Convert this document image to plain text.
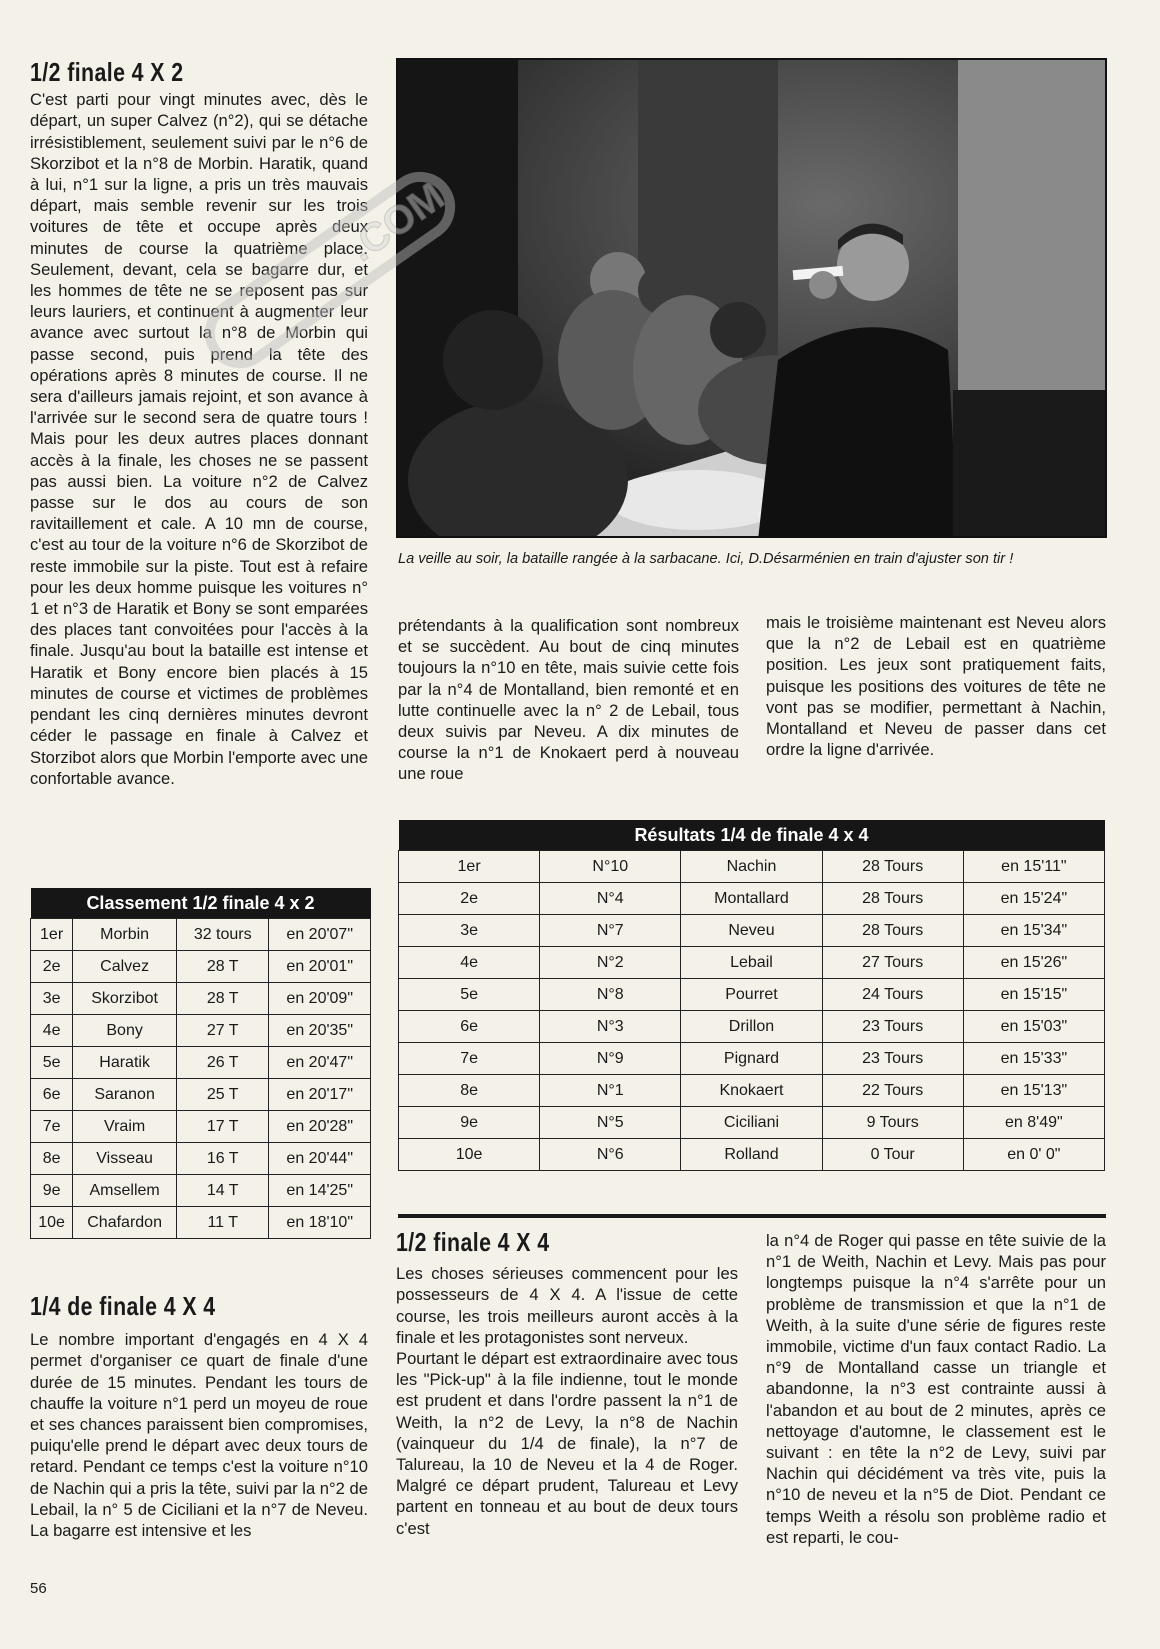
1/2 finale 4 X 2

C'est parti pour vingt minutes avec, dès le départ, un super Calvez (n°2), qui se détache irrésistiblement, seulement suivi par le n°6 de Skorzibot et la n°8 de Morbin. Haratik, quand à lui, n°1 sur la ligne, a pris un très mauvais départ, mais semble revenir sur les trois voitures de tête et occupe après deux minutes de course la quatrième place. Seulement, devant, cela se bagarre dur, et les hommes de tête ne se reposent pas sur leurs lauriers, et continuent à augmenter leur avance avec surtout la n°8 de Morbin qui passe second, puis prend la tête des opérations après 8 minutes de course. Il ne sera d'ailleurs jamais rejoint, et son avance à l'arrivée sur le second sera de quatre tours ! Mais pour les deux autres places donnant accès à la finale, les choses ne se passent pas aussi bien. La voiture n°2 de Calvez passe sur le dos au cours de son ravitaillement et cale. A 10 mn de course, c'est au tour de la voiture n°6 de Skorzibot de reste immobile sur la piste. Tout est à refaire pour les deux homme puisque les voitures n° 1 et n°3 de Haratik et Bony se sont emparées des places tant convoitées pour l'accès à la finale. Jusqu'au bout la bataille est intense et Haratik et Bony encore bien placés à 15 minutes de course et victimes de problèmes pendant les cinq dernières minutes devront céder le passage en finale à Calvez et Storzibot alors que Morbin l'emporte avec une confortable avance.

Classement 1/2 finale 4 x 2			
1er	Morbin	32 tours	en 20'07"
2e	Calvez	28 T	en 20'01"
3e	Skorzibot	28 T	en 20'09"
4e	Bony	27 T	en 20'35"
5e	Haratik	26 T	en 20'47"
6e	Saranon	25 T	en 20'17"
7e	Vraim	17 T	en 20'28"
8e	Visseau	16 T	en 20'44"
9e	Amsellem	14 T	en 14'25"
10e	Chafardon	11 T	en 18'10"
1/4 de finale 4 X 4

Le nombre important d'engagés en 4 X 4 permet d'organiser ce quart de finale d'une durée de 15 minutes. Pendant les tours de chauffe la voiture n°1 perd un moyeu de roue et ses chances paraissent bien compromises, puiqu'elle prend le départ avec deux tours de retard. Pendant ce temps c'est la voiture n°10 de Nachin qui a pris la tête, suivi par la n°2 de Lebail, la n° 5 de Ciciliani et la n°7 de Neveu. La bagarre est intensive et les

.COM
La veille au soir, la bataille rangée à la sarbacane. Ici, D.Désarménien en train d'ajuster son tir !

prétendants à la qualification sont nombreux et se succèdent. Au bout de cinq minutes toujours la n°10 en tête, mais suivie cette fois par la n°4 de Montalland, bien remonté et en lutte continuelle avec la n° 2 de Lebail, tous deux suivis par Neveu. A dix minutes de course la n°1 de Knokaert perd à nouveau une roue

mais le troisième maintenant est Neveu alors que la n°2 de Lebail est en quatrième position. Les jeux sont pratiquement faits, puisque les positions des voitures de tête ne vont pas se modifier, permettant à Nachin, Montalland et Neveu de passer dans cet ordre la ligne d'arrivée.

Résultats 1/4 de finale 4 x 4				
1er	N°10	Nachin	28 Tours	en 15'11"
2e	N°4	Montallard	28 Tours	en 15'24"
3e	N°7	Neveu	28 Tours	en 15'34"
4e	N°2	Lebail	27 Tours	en 15'26"
5e	N°8	Pourret	24 Tours	en 15'15"
6e	N°3	Drillon	23 Tours	en 15'03"
7e	N°9	Pignard	23 Tours	en 15'33"
8e	N°1	Knokaert	22 Tours	en 15'13"
9e	N°5	Ciciliani	9 Tours	en 8'49"
10e	N°6	Rolland	0 Tour	en 0' 0"
1/2 finale 4 X 4

Les choses sérieuses commencent pour les possesseurs de 4 X 4. A l'issue de cette course, les trois meilleurs auront accès à la finale et les protagonistes sont nerveux.

Pourtant le départ est extraordinaire avec tous les "Pick-up" à la file indienne, tout le monde est prudent et dans l'ordre passent la n°1 de Weith, la n°2 de Levy, la n°8 de Nachin (vainqueur du 1/4 de finale), la n°7 de Talureau, la 10 de Neveu et la 4 de Roger. Malgré ce départ prudent, Talureau et Levy partent en tonneau et au bout de deux tours c'est

la n°4 de Roger qui passe en tête suivie de la n°1 de Weith, Nachin et Levy. Mais pas pour longtemps puisque la n°4 s'arrête pour un problème de transmission et que la n°1 de Weith, à la suite d'une série de figures reste immobile, victime d'un faux contact Radio. La n°9 de Montalland casse un triangle et abandonne, la n°3 est contrainte aussi à l'abandon et au bout de 2 minutes, après ce nettoyage d'automne, le classement est le suivant : en tête la n°2 de Levy, suivi par Nachin qui décidément va très vite, puis la n°10 de neveu et la n°5 de Diot. Pendant ce temps Weith a résolu son problème radio et est reparti, le cou-

56
